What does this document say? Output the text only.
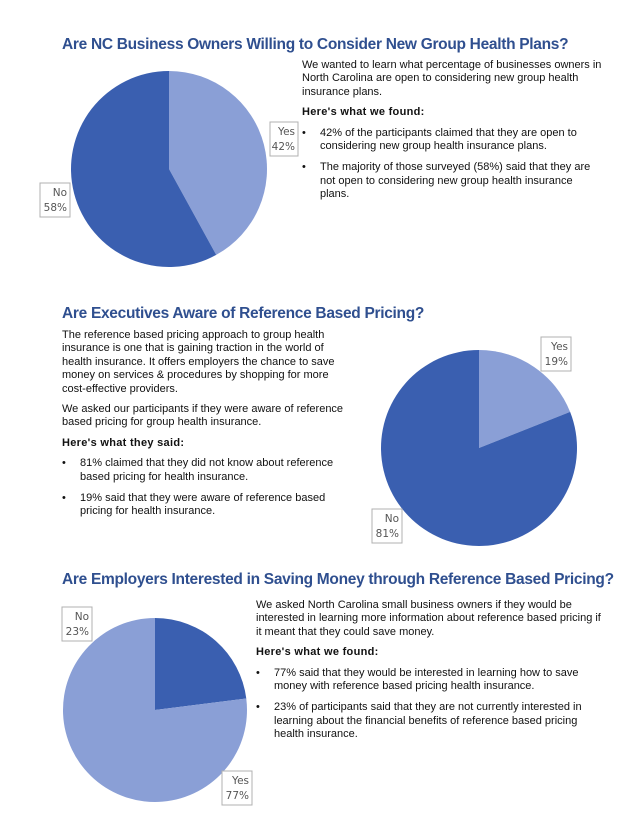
Are NC Business Owners Willing to Consider New Group Health Plans?
Yes
42%
No
58%
Yes
19%
No
81%
No
23%
Yes
77%

We wanted to learn what percentage of businesses owners in North Carolina are open to considering new group health insurance plans.

Here's what we found:

• 42% of the participants claimed that they are open to considering new group health insurance plans.
• The majority of those surveyed (58%) said that they are not open to considering new group health insurance plans.
Are Executives Aware of Reference Based Pricing?

The reference based pricing approach to group health insurance is one that is gaining traction in the world of health insurance. It offers employers the chance to save money on services & procedures by shopping for more cost-effective providers.

We asked our participants if they were aware of reference based pricing for group health insurance.

Here's what they said:

• 81% claimed that they did not know about reference based pricing for health insurance.
• 19% said that they were aware of reference based pricing for health insurance.
Are Employers Interested in Saving Money through Reference Based Pricing?

We asked North Carolina small business owners if they would be interested in learning more information about reference based pricing if it meant that they could save money.

Here's what we found:

• 77% said that they would be interested in learning how to save money with reference based pricing health insurance.
• 23% of participants said that they are not currently interested in learning about the financial benefits of reference based pricing health insurance.
